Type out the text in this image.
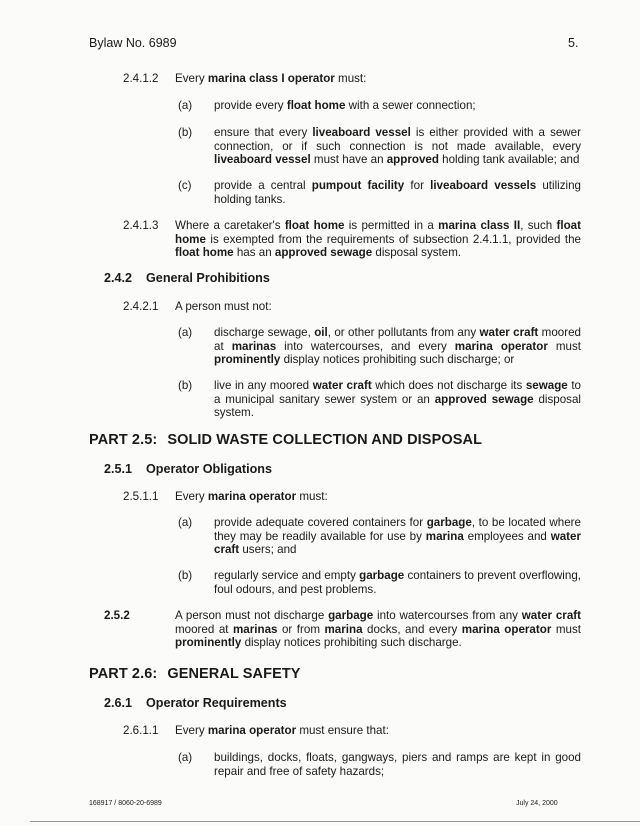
Bylaw No. 6989	5.
2.4.1.2 Every marina class I operator must:
(a) provide every float home with a sewer connection;
(b) ensure that every liveaboard vessel is either provided with a sewer connection, or if such connection is not made available, every liveaboard vessel must have an approved holding tank available; and
(c) provide a central pumpout facility for liveaboard vessels utilizing holding tanks.
2.4.1.3 Where a caretaker's float home is permitted in a marina class II, such float home is exempted from the requirements of subsection 2.4.1.1, provided the float home has an approved sewage disposal system.
2.4.2 General Prohibitions
2.4.2.1 A person must not:
(a) discharge sewage, oil, or other pollutants from any water craft moored at marinas into watercourses, and every marina operator must prominently display notices prohibiting such discharge; or
(b) live in any moored water craft which does not discharge its sewage to a municipal sanitary sewer system or an approved sewage disposal system.
PART 2.5: SOLID WASTE COLLECTION AND DISPOSAL
2.5.1 Operator Obligations
2.5.1.1 Every marina operator must:
(a) provide adequate covered containers for garbage, to be located where they may be readily available for use by marina employees and water craft users; and
(b) regularly service and empty garbage containers to prevent overflowing, foul odours, and pest problems.
2.5.2	A person must not discharge garbage into watercourses from any water craft moored at marinas or from marina docks, and every marina operator must prominently display notices prohibiting such discharge.
PART 2.6: GENERAL SAFETY
2.6.1 Operator Requirements
2.6.1.1 Every marina operator must ensure that:
(a) buildings, docks, floats, gangways, piers and ramps are kept in good repair and free of safety hazards;
168917 / 8060-20-6989	July 24, 2000
